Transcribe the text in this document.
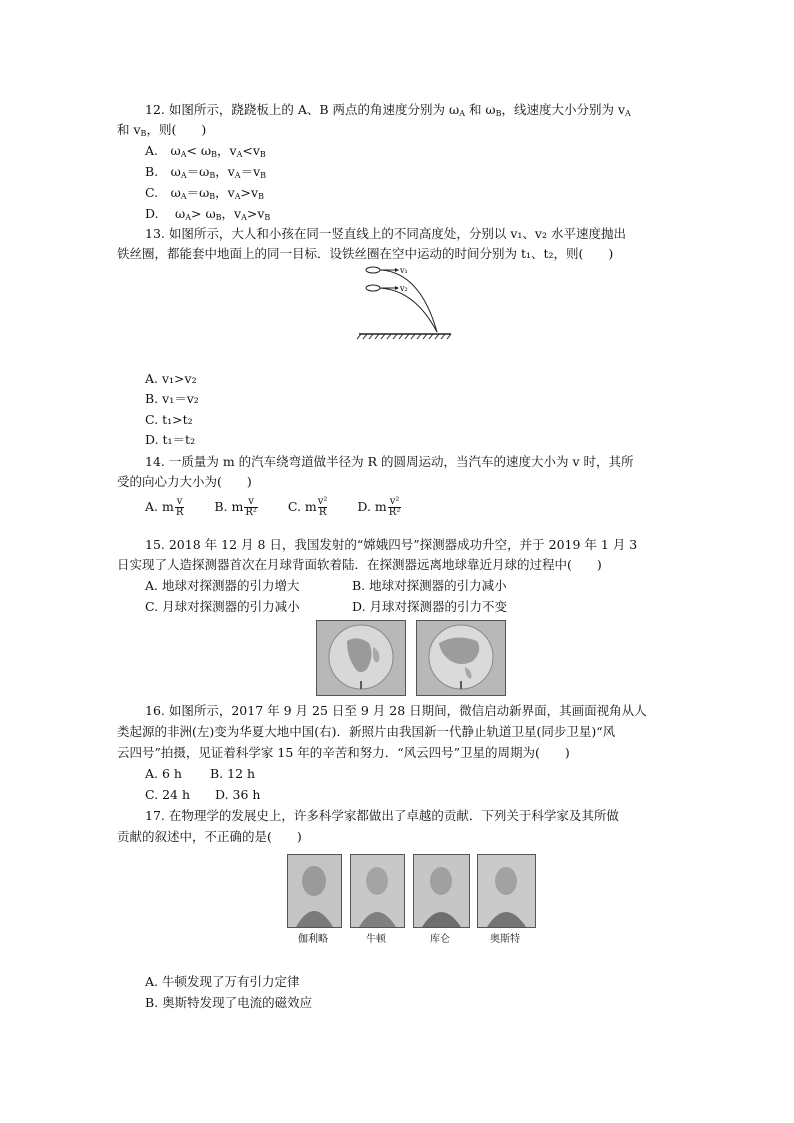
12. 如图所示，跷跷板上的 A、B 两点的角速度分别为 $\omega_A$ 和 $\omega_B$，线速度大小分别为 $v_A$
和 $v_B$，则(　　)
A.　$\omega_A< \omega_B$，$v_A<v_B$
B.　$\omega_A=\omega_B$，$v_A=v_B$
C.　$\omega_A=\omega_B$，$v_A>v_B$
D.　 $\omega_A> \omega_B$，$v_A>v_B$
13. 如图所示，大人和小孩在同一竖直线上的不同高度处，分别以 v₁、v₂ 水平速度抛出
铁丝圈，都能套中地面上的同一目标．设铁丝圈在空中运动的时间分别为 t₁、t₂，则(　　)
v₁
v₂
A. v₁>v₂
B. v₁＝v₂
C. t₁>t₂
D. t₁＝t₂
14. 一质量为 m 的汽车绕弯道做半径为 R 的圆周运动，当汽车的速度大小为 v 时，其所
受的向心力大小为(　　)
A. m $\frac{v}{R} B$. m $\frac{v}{\text{R²}} C$. m $\frac{\text{v²}}{R} D$. m $\frac{\text{v²}}{\text{R²}}$
15. 2018 年 12 月 8 日，我国发射的“嫦娥四号”探测器成功升空，并于 2019 年 1 月 3
日实现了人造探测器首次在月球背面软着陆．在探测器远离地球靠近月球的过程中(　　)
A. 地球对探测器的引力增大	B. 地球对探测器的引力减小
C. 月球对探测器的引力减小	D. 月球对探测器的引力不变
16. 如图所示，2017 年 9 月 25 日至 9 月 28 日期间，微信启动新界面，其画面视角从人
类起源的非洲(左)变为华夏大地中国(右)．新照片由我国新一代静止轨道卫星(同步卫星)“风
云四号”拍摄，见证着科学家 15 年的辛苦和努力．“风云四号”卫星的周期为(　　)
A. 6 h B. 12 h
C. 24 h D. 36 h
17. 在物理学的发展史上，许多科学家都做出了卓越的贡献．下列关于科学家及其所做
贡献的叙述中，不正确的是(　　)
伽利略	牛顿	库仑	奥斯特
A. 牛顿发现了万有引力定律
B. 奥斯特发现了电流的磁效应
